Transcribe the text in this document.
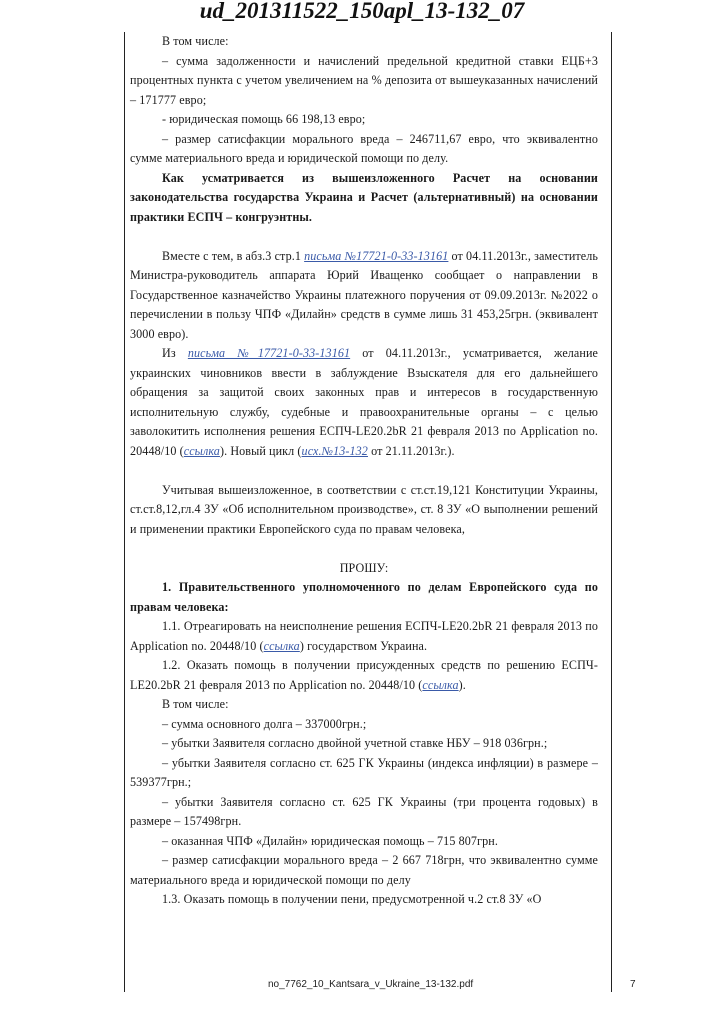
ud_201311522_150apl_13-132_07

В том числе:

– сумма задолженности и начислений предельной кредитной ставки ЕЦБ+3 процентных пункта с учетом увеличением на % депозита от вышеуказанных начислений – 171777 евро;

- юридическая помощь 66 198,13 евро;

– размер сатисфакции морального вреда – 246711,67 евро, что эквивалентно сумме материального вреда и юридической помощи по делу.

Как усматривается из вышеизложенного Расчет на основании законодательства государства Украина и Расчет (альтернативный) на основании практики ЕСПЧ – конгруэнтны.

Вместе с тем, в абз.3 стр.1 письма №17721-0-33-13161 от 04.11.2013г., заместитель Министра-руководитель аппарата Юрий Иващенко сообщает о направлении в Государственное казначейство Украины платежного поручения от 09.09.2013г. №2022 о перечислении в пользу ЧПФ «Дилайн» средств в сумме лишь 31 453,25грн. (эквивалент 3000 евро).

Из письма №17721-0-33-13161 от 04.11.2013г., усматривается, желание украинских чиновников ввести в заблуждение Взыскателя для его дальнейшего обращения за защитой своих законных прав и интересов в государственную исполнительную службу, судебные и правоохранительные органы – с целью заволокитить исполнения решения ЕСПЧ-LE20.2bR 21 февраля 2013 по Application no. 20448/10 (ссылка). Новый цикл (исх.№13-132 от 21.11.2013г.).

Учитывая вышеизложенное, в соответствии с ст.ст.19,121 Конституции Украины, ст.ст.8,12,гл.4 ЗУ «Об исполнительном производстве», ст. 8 ЗУ «О выполнении решений и применении практики Европейского суда по правам человека,

ПРОШУ:

1. Правительственного уполномоченного по делам Европейского суда по правам человека:

1.1. Отреагировать на неисполнение решения ЕСПЧ-LE20.2bR 21 февраля 2013 по Application no. 20448/10 (ссылка) государством Украина.

1.2. Оказать помощь в получении присужденных средств по решению ЕСПЧ-LE20.2bR 21 февраля 2013 по Application no. 20448/10 (ссылка).

В том числе:

– сумма основного долга – 337000грн.;

– убытки Заявителя согласно двойной учетной ставке НБУ – 918 036грн.;

– убытки Заявителя согласно ст. 625 ГК Украины (индекса инфляции) в размере – 539377грн.;

– убытки Заявителя согласно ст. 625 ГК Украины (три процента годовых) в размере – 157498грн.

– оказанная ЧПФ «Дилайн» юридическая помощь – 715 807грн.

– размер сатисфакции морального вреда – 2 667 718грн, что эквивалентно сумме материального вреда и юридической помощи по делу

1.3. Оказать помощь в получении пени, предусмотренной ч.2 ст.8 ЗУ «О

no_7762_10_Kantsara_v_Ukraine_13-132.pdf	7
